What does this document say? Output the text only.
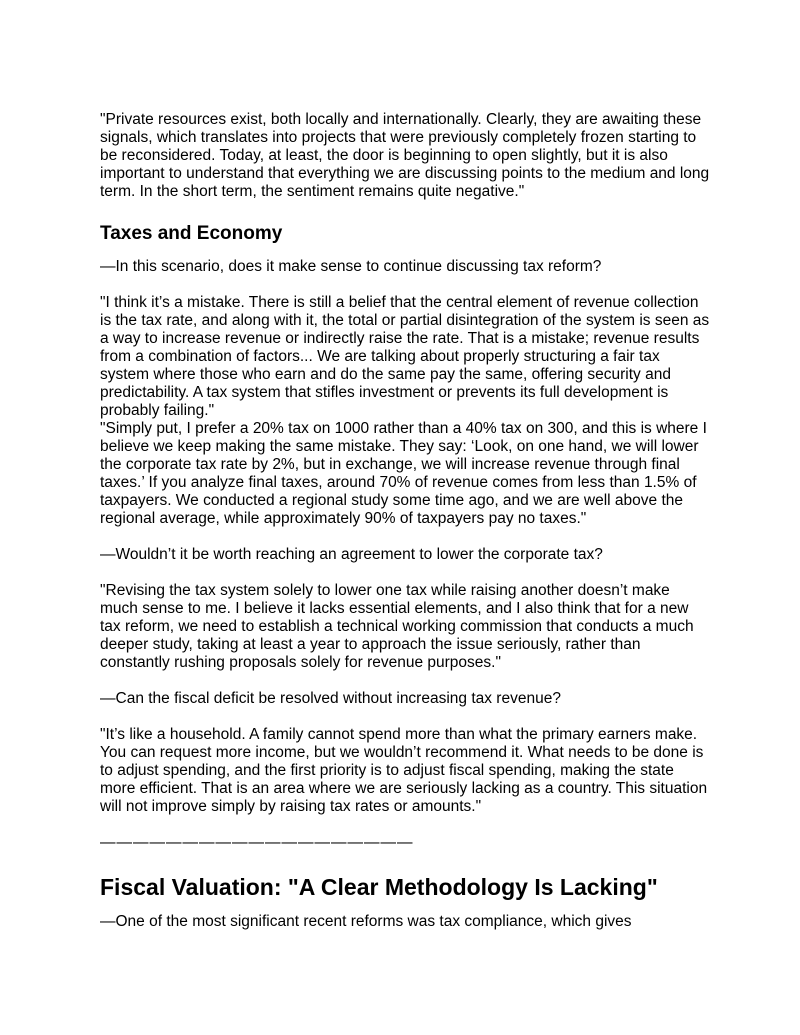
"Private resources exist, both locally and internationally. Clearly, they are awaiting these signals, which translates into projects that were previously completely frozen starting to be reconsidered. Today, at least, the door is beginning to open slightly, but it is also important to understand that everything we are discussing points to the medium and long term. In the short term, the sentiment remains quite negative."

Taxes and Economy

—In this scenario, does it make sense to continue discussing tax reform?

"I think it’s a mistake. There is still a belief that the central element of revenue collection is the tax rate, and along with it, the total or partial disintegration of the system is seen as a way to increase revenue or indirectly raise the rate. That is a mistake; revenue results from a combination of factors... We are talking about properly structuring a fair tax system where those who earn and do the same pay the same, offering security and predictability. A tax system that stifles investment or prevents its full development is probably failing."

"Simply put, I prefer a 20% tax on 1000 rather than a 40% tax on 300, and this is where I believe we keep making the same mistake. They say: ‘Look, on one hand, we will lower the corporate tax rate by 2%, but in exchange, we will increase revenue through final taxes.’ If you analyze final taxes, around 70% of revenue comes from less than 1.5% of taxpayers. We conducted a regional study some time ago, and we are well above the regional average, while approximately 90% of taxpayers pay no taxes."

—Wouldn’t it be worth reaching an agreement to lower the corporate tax?

"Revising the tax system solely to lower one tax while raising another doesn’t make much sense to me. I believe it lacks essential elements, and I also think that for a new tax reform, we need to establish a technical working commission that conducts a much deeper study, taking at least a year to approach the issue seriously, rather than constantly rushing proposals solely for revenue purposes."

—Can the fiscal deficit be resolved without increasing tax revenue?

"It’s like a household. A family cannot spend more than what the primary earners make. You can request more income, but we wouldn’t recommend it. What needs to be done is to adjust spending, and the first priority is to adjust fiscal spending, making the state more efficient. That is an area where we are seriously lacking as a country. This situation will not improve simply by raising tax rates or amounts."

———————————————————
Fiscal Valuation: "A Clear Methodology Is Lacking"

—One of the most significant recent reforms was tax compliance, which gives
